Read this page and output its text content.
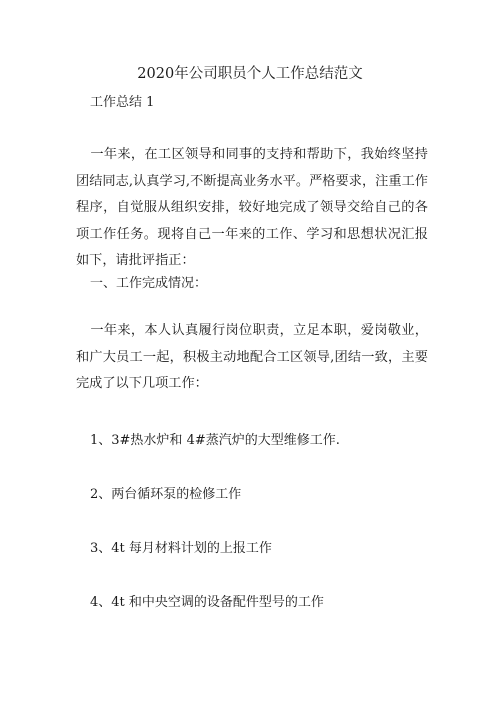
2020年公司职员个人工作总结范文
工作总结 1

一年来，在工区领导和同事的支持和帮助下，我始终坚持团结同志,认真学习,不断提高业务水平。严格要求，注重工作程序，自觉服从组织安排，较好地完成了领导交给自己的各项工作任务。现将自己一年来的工作、学习和思想状况汇报如下，请批评指正：

一、工作完成情况：

一年来，本人认真履行岗位职责，立足本职，爱岗敬业，和广大员工一起，积极主动地配合工区领导,团结一致，主要完成了以下几项工作：

1、3#热水炉和 4#蒸汽炉的大型维修工作.
2、两台循环泵的检修工作
3、4t 每月材料计划的上报工作
4、4t 和中央空调的设备配件型号的工作
